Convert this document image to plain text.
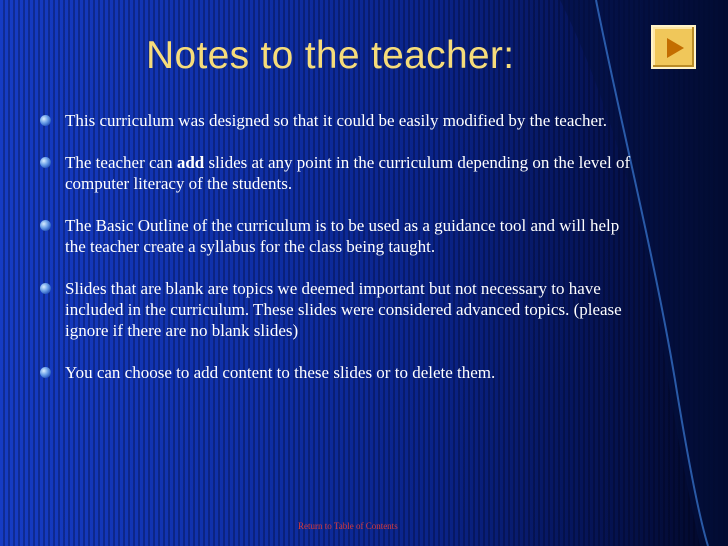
Notes to the teacher:
This curriculum was designed so that it could be easily modified by the teacher.
The teacher can add slides at any point in the curriculum depending on the level of computer literacy of the students.
The Basic Outline of the curriculum is to be used as a guidance tool and will help the teacher create a syllabus for the class being taught.
Slides that are blank are topics we deemed important but not necessary to have included in the curriculum. These slides were considered advanced topics. (please ignore if there are no blank slides)
You can choose to add content to these slides or to delete them.
Return to Table of Contents
